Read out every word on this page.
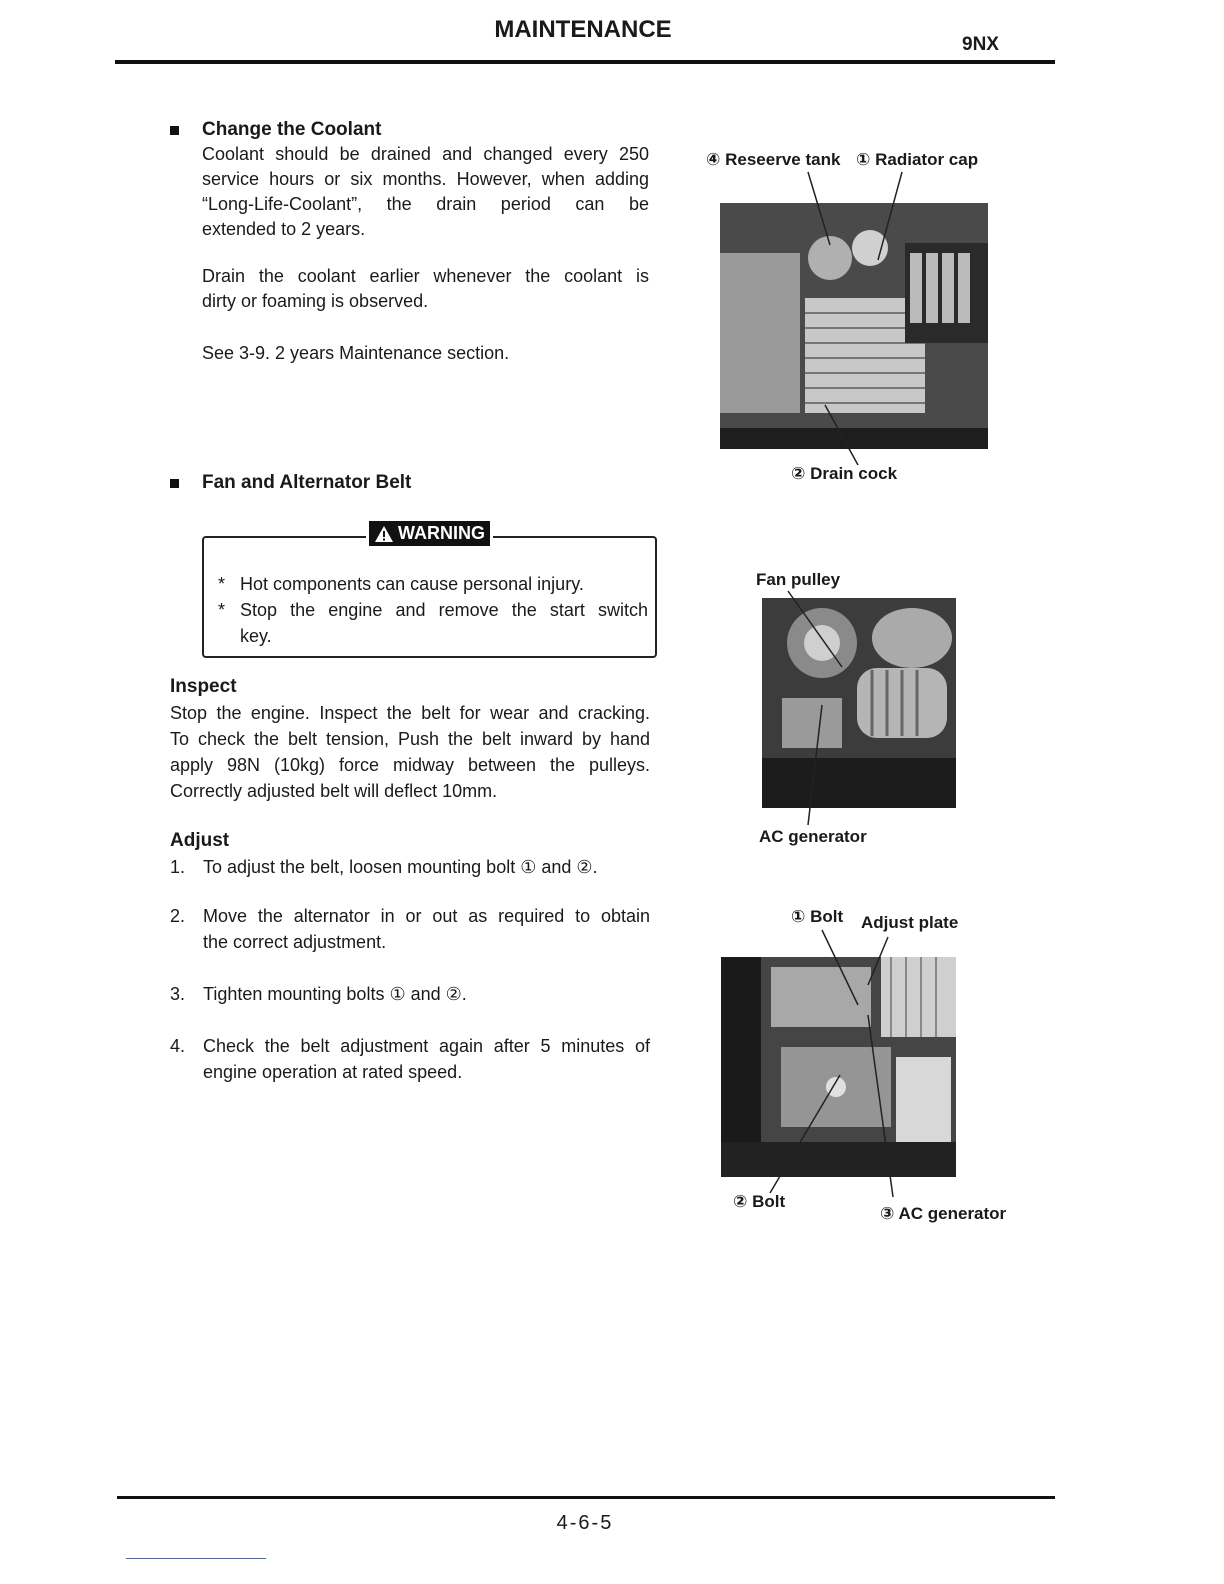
MAINTENANCE
9NX
Change the Coolant
Coolant should be drained and changed every 250
service hours or six months. However, when adding
“Long-Life-Coolant”, the drain period can be
extended to 2 years.
Drain the coolant earlier whenever the coolant is
dirty or foaming is observed.
See 3-9. 2 years Maintenance section.
Fan and Alternator Belt
WARNING
* Hot components can cause personal injury.
* Stop the engine and remove the start switch
key.
Inspect
Stop the engine. Inspect the belt for wear and cracking.
To check the belt tension, Push the belt inward by hand
apply 98N (10kg) force midway between the pulleys.
Correctly adjusted belt will deflect 10mm.
Adjust
1. To adjust the belt, loosen mounting bolt ① and ②.
2. Move the alternator in or out as required to obtain
the correct adjustment.
3. Tighten mounting bolts ① and ②.
4. Check the belt adjustment again after 5 minutes of
engine operation at rated speed.
④ Reseerve tank ① Radiator cap
② Drain cock
Fan pulley
AC generator
① Bolt Adjust plate
② Bolt
③ AC generator
4-6-5
